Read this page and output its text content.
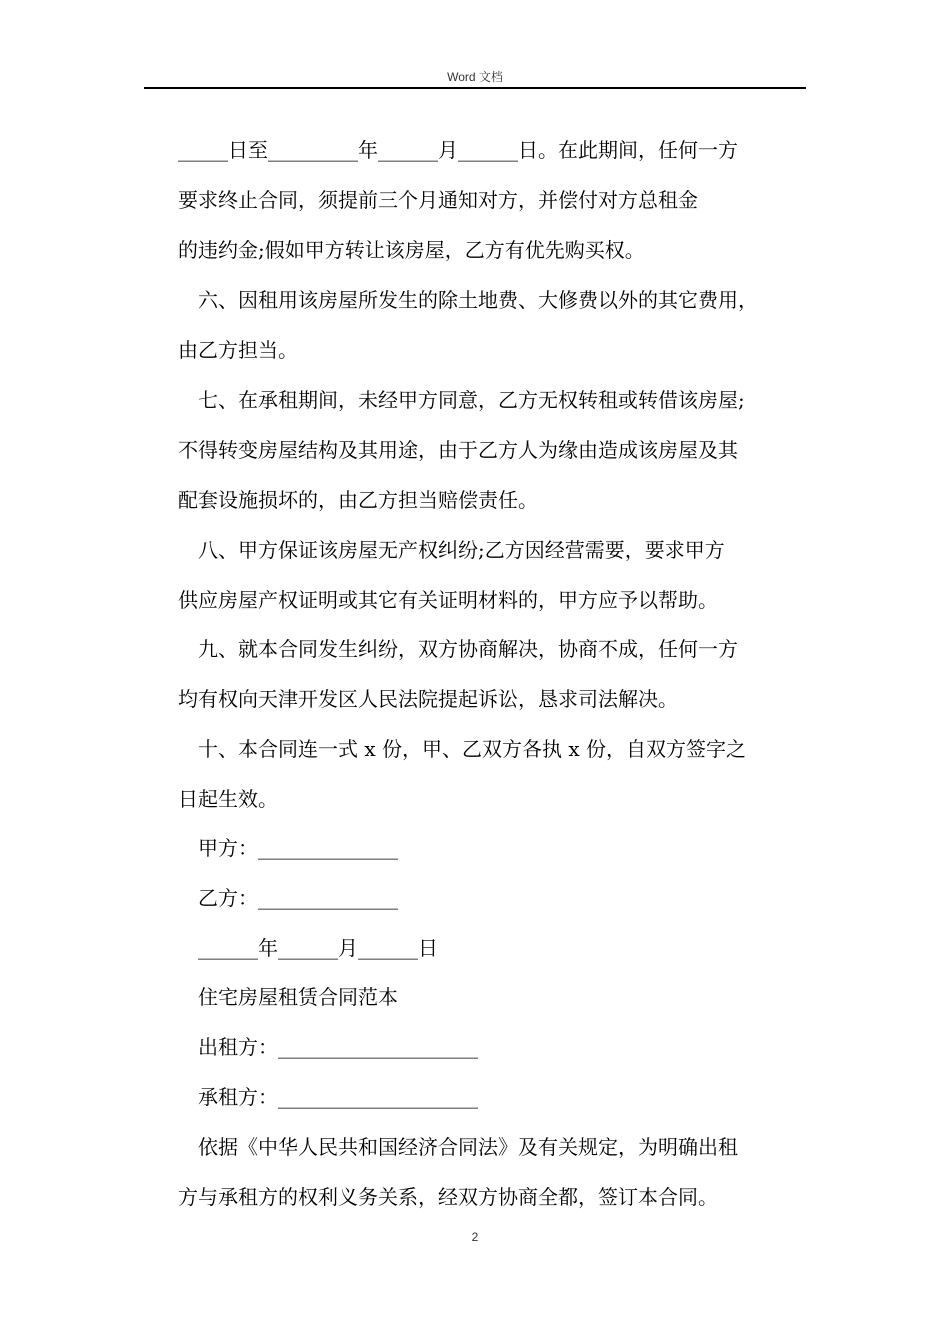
Word 文档
_____日至_________年______月______日。在此期间，任何一方
要求终止合同，须提前三个月通知对方，并偿付对方总租金
的违约金;假如甲方转让该房屋，乙方有优先购买权。
六、因租用该房屋所发生的除土地费、大修费以外的其它费用，
由乙方担当。
七、在承租期间，未经甲方同意，乙方无权转租或转借该房屋;
不得转变房屋结构及其用途，由于乙方人为缘由造成该房屋及其
配套设施损坏的，由乙方担当赔偿责任。
八、甲方保证该房屋无产权纠纷;乙方因经营需要，要求甲方
供应房屋产权证明或其它有关证明材料的，甲方应予以帮助。
九、就本合同发生纠纷，双方协商解决，协商不成，任何一方
均有权向天津开发区人民法院提起诉讼，恳求司法解决。
十、本合同连一式 x 份，甲、乙双方各执 x 份，自双方签字之
日起生效。
甲方：______________
乙方：______________
______年______月______日
住宅房屋租赁合同范本
出租方：____________________
承租方：____________________
依据《中华人民共和国经济合同法》及有关规定，为明确出租
方与承租方的权利义务关系，经双方协商全都，签订本合同。
2
